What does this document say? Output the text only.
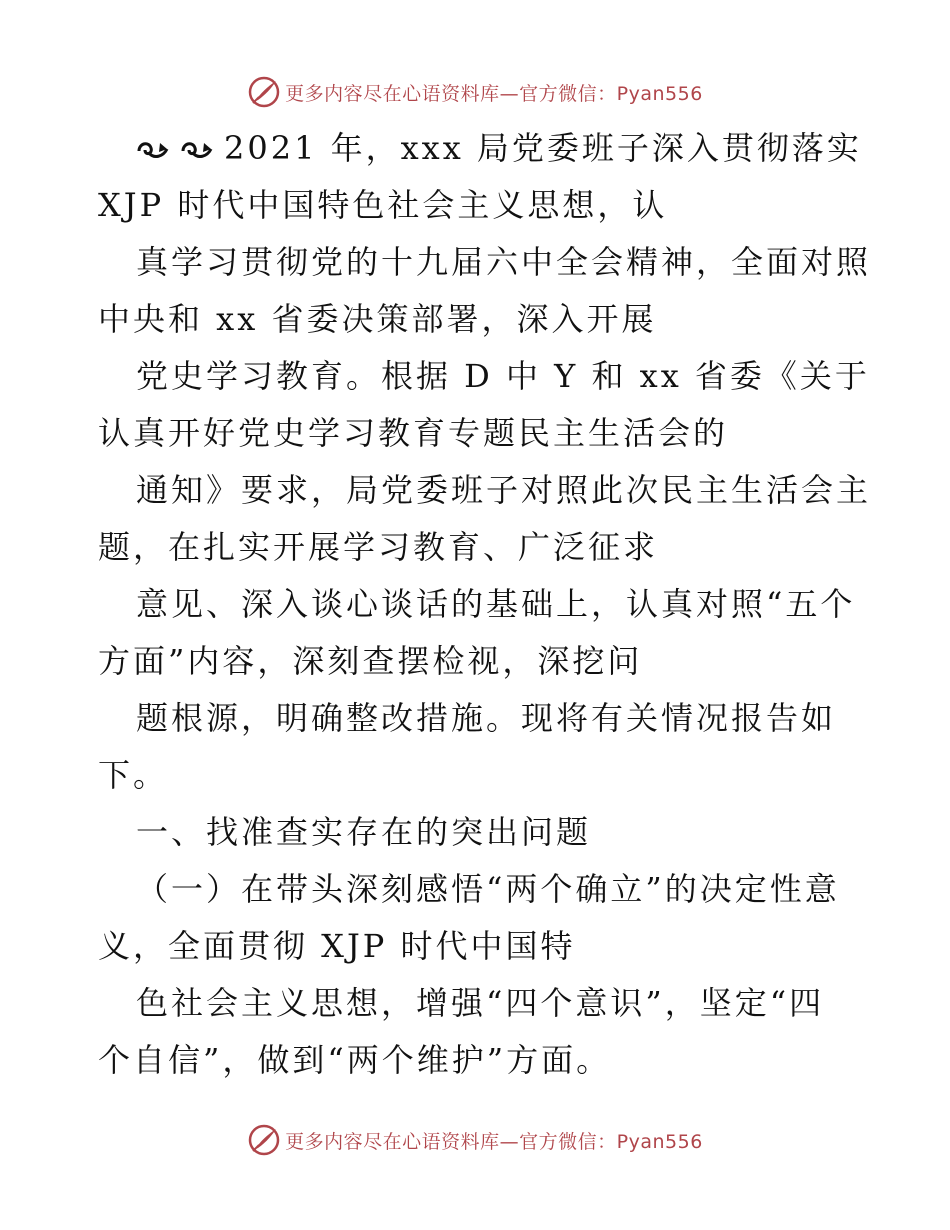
更多内容尽在心语资料库—官方微信：Pyan556
2021 年，xxx 局党委班子深入贯彻落实
XJP 时代中国特色社会主义思想，认
真学习贯彻党的十九届六中全会精神，全面对照
中央和 xx 省委决策部署，深入开展
党史学习教育。根据 D 中 Y 和 xx 省委《关于
认真开好党史学习教育专题民主生活会的
通知》要求，局党委班子对照此次民主生活会主
题，在扎实开展学习教育、广泛征求
意见、深入谈心谈话的基础上，认真对照“五个
方面”内容，深刻查摆检视，深挖问
题根源，明确整改措施。现将有关情况报告如
下。
一、找准查实存在的突出问题
（一）在带头深刻感悟“两个确立”的决定性意
义，全面贯彻 XJP 时代中国特
色社会主义思想，增强“四个意识”，坚定“四
个自信”，做到“两个维护”方面。
更多内容尽在心语资料库—官方微信：Pyan556
